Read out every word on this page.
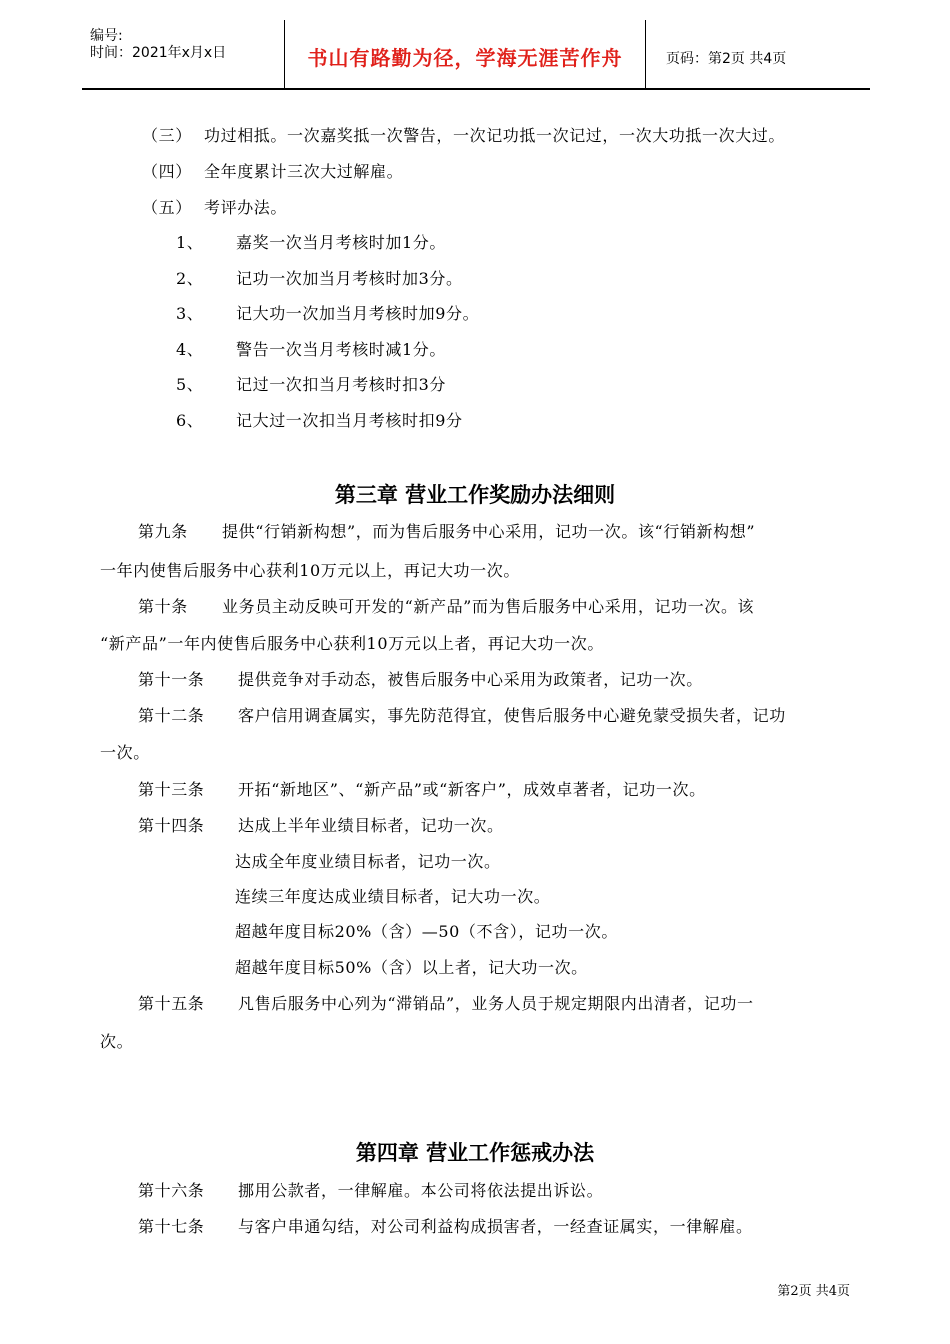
编号:
时间：2021年x月x日	书山有路勤为径，学海无涯苦作舟	页码：第2页 共4页
（三） 功过相抵。一次嘉奖抵一次警告，一次记功抵一次记过，一次大功抵一次大过。
（四） 全年度累计三次大过解雇。
（五） 考评办法。
1、 嘉奖一次当月考核时加1分。
2、 记功一次加当月考核时加3分。
3、 记大功一次加当月考核时加9分。
4、 警告一次当月考核时减1分。
5、 记过一次扣当月考核时扣3分
6、 记大过一次扣当月考核时扣9分
第三章 营业工作奖励办法细则
第九条 提供“行销新构想”，而为售后服务中心采用，记功一次。该“行销新构想”
一年内使售后服务中心获利10万元以上，再记大功一次。
第十条 业务员主动反映可开发的“新产品”而为售后服务中心采用，记功一次。该
“新产品”一年内使售后服务中心获利10万元以上者，再记大功一次。
第十一条 提供竞争对手动态，被售后服务中心采用为政策者，记功一次。
第十二条 客户信用调查属实，事先防范得宜，使售后服务中心避免蒙受损失者，记功
一次。
第十三条 开拓“新地区”、“新产品”或“新客户”，成效卓著者，记功一次。
第十四条 达成上半年业绩目标者，记功一次。
达成全年度业绩目标者，记功一次。
连续三年度达成业绩目标者，记大功一次。
超越年度目标20%（含）—50（不含），记功一次。
超越年度目标50%（含）以上者，记大功一次。
第十五条 凡售后服务中心列为“滞销品”，业务人员于规定期限内出清者，记功一
次。
第四章 营业工作惩戒办法
第十六条 挪用公款者，一律解雇。本公司将依法提出诉讼。
第十七条 与客户串通勾结，对公司利益构成损害者，一经查证属实，一律解雇。
第2页 共4页
